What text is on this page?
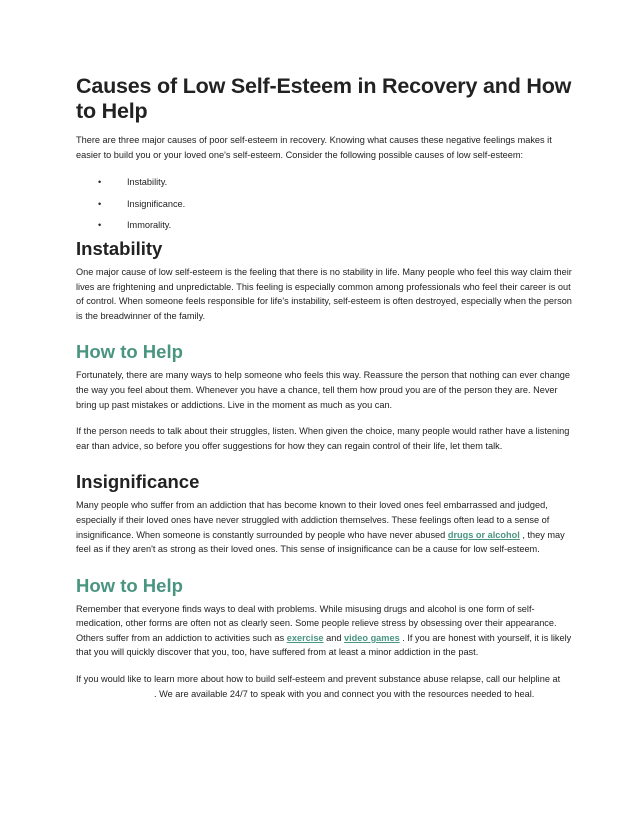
Causes of Low Self-Esteem in Recovery and How to Help

There are three major causes of poor self-esteem in recovery. Knowing what causes these negative feelings makes it easier to build you or your loved one's self-esteem. Consider the following possible causes of low self-esteem:

• Instability.
• Insignificance.
• Immorality.
Instability

One major cause of low self-esteem is the feeling that there is no stability in life. Many people who feel this way claim their lives are frightening and unpredictable. This feeling is especially common among professionals who feel their career is out of control. When someone feels responsible for life's instability, self-esteem is often destroyed, especially when the person is the breadwinner of the family.

How to Help

Fortunately, there are many ways to help someone who feels this way. Reassure the person that nothing can ever change the way you feel about them. Whenever you have a chance, tell them how proud you are of the person they are. Never bring up past mistakes or addictions. Live in the moment as much as you can.

If the person needs to talk about their struggles, listen. When given the choice, many people would rather have a listening ear than advice, so before you offer suggestions for how they can regain control of their life, let them talk.

Insignificance

Many people who suffer from an addiction that has become known to their loved ones feel embarrassed and judged, especially if their loved ones have never struggled with addiction themselves. These feelings often lead to a sense of insignificance. When someone is constantly surrounded by people who have never abused drugs or alcohol , they may feel as if they aren't as strong as their loved ones. This sense of insignificance can be a cause for low self-esteem.

How to Help

Remember that everyone finds ways to deal with problems. While misusing drugs and alcohol is one form of self-medication, other forms are often not as clearly seen. Some people relieve stress by obsessing over their appearance. Others suffer from an addiction to activities such as exercise and video games . If you are honest with yourself, it is likely that you will quickly discover that you, too, have suffered from at least a minor addiction in the past.

If you would like to learn more about how to build self-esteem and prevent substance abuse relapse, call our helpline at. We are available 24/7 to speak with you and connect you with the resources needed to heal.
